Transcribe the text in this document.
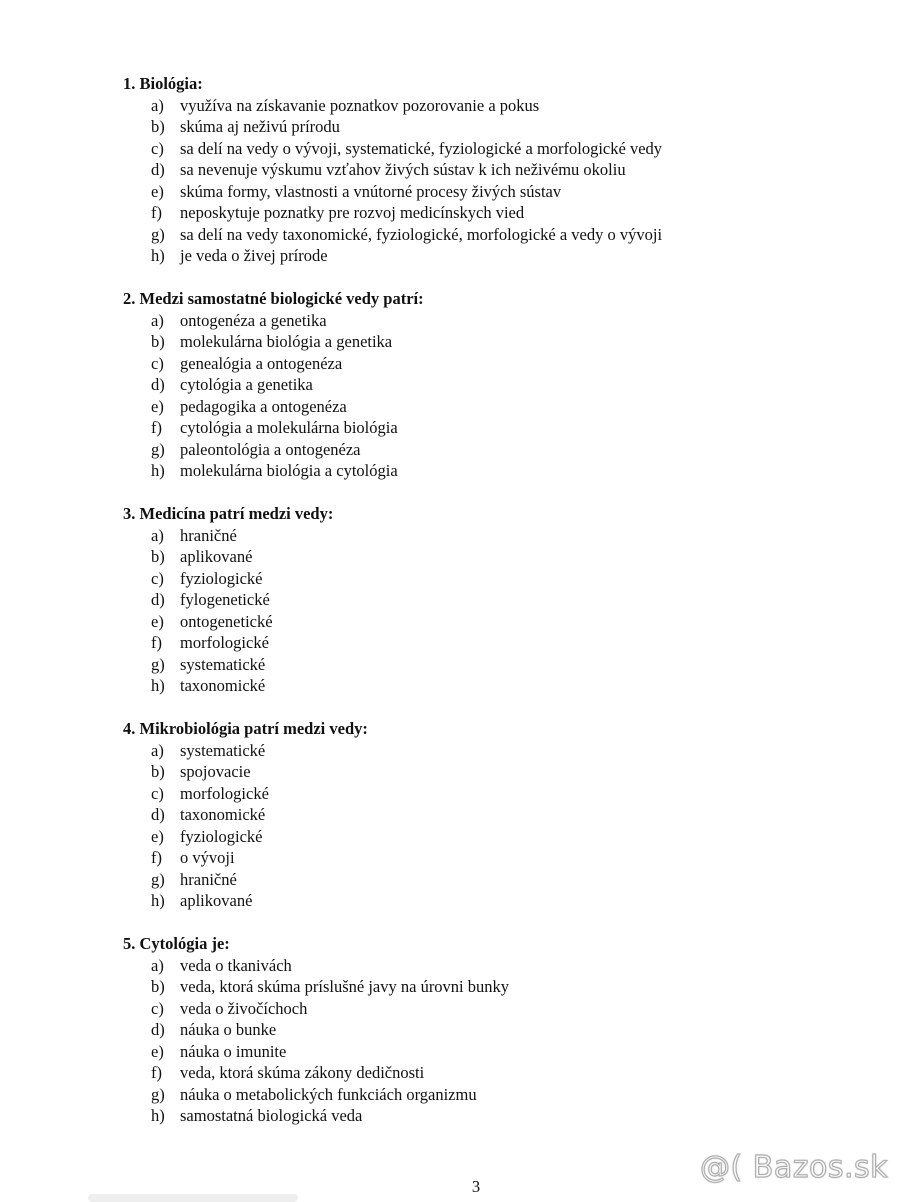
1. Biológia:
a) využíva na získavanie poznatkov pozorovanie a pokus
b) skúma aj neživú prírodu
c) sa delí na vedy o vývoji, systematické, fyziologické a morfologické vedy
d) sa nevenuje výskumu vzťahov živých sústav k ich neživému okoliu
e) skúma formy, vlastnosti a vnútorné procesy živých sústav
f)	neposkytuje poznatky pre rozvoj medicínskych vied
g) sa delí na vedy taxonomické, fyziologické, morfologické a vedy o vývoji
h) je veda o živej prírode
2. Medzi samostatné biologické vedy patrí:
a) ontogenéza a genetika
b) molekulárna biológia a genetika
c) genealógia a ontogenéza
d) cytológia a genetika
e) pedagogika a ontogenéza
f)	cytológia a molekulárna biológia
g) paleontológia a ontogenéza
h) molekulárna biológia a cytológia
3. Medicína patrí medzi vedy:
a) hraničné
b) aplikované
c) fyziologické
d) fylogenetické
e) ontogenetické
f)	morfologické
g) systematické
h) taxonomické
4. Mikrobiológia patrí medzi vedy:
a) systematické
b) spojovacie
c) morfologické
d) taxonomické
e) fyziologické
f)	o vývoji
g) hraničné
h) aplikované
5. Cytológia je:
a) veda o tkanivách
b) veda, ktorá skúma príslušné javy na úrovni bunky
c) veda o živočíchoch
d) náuka o bunke
e) náuka o imunite
f)	veda, ktorá skúma zákony dedičnosti
g) náuka o metabolických funkciách organizmu
h) samostatná biologická veda
3
@( Bazos.sk
